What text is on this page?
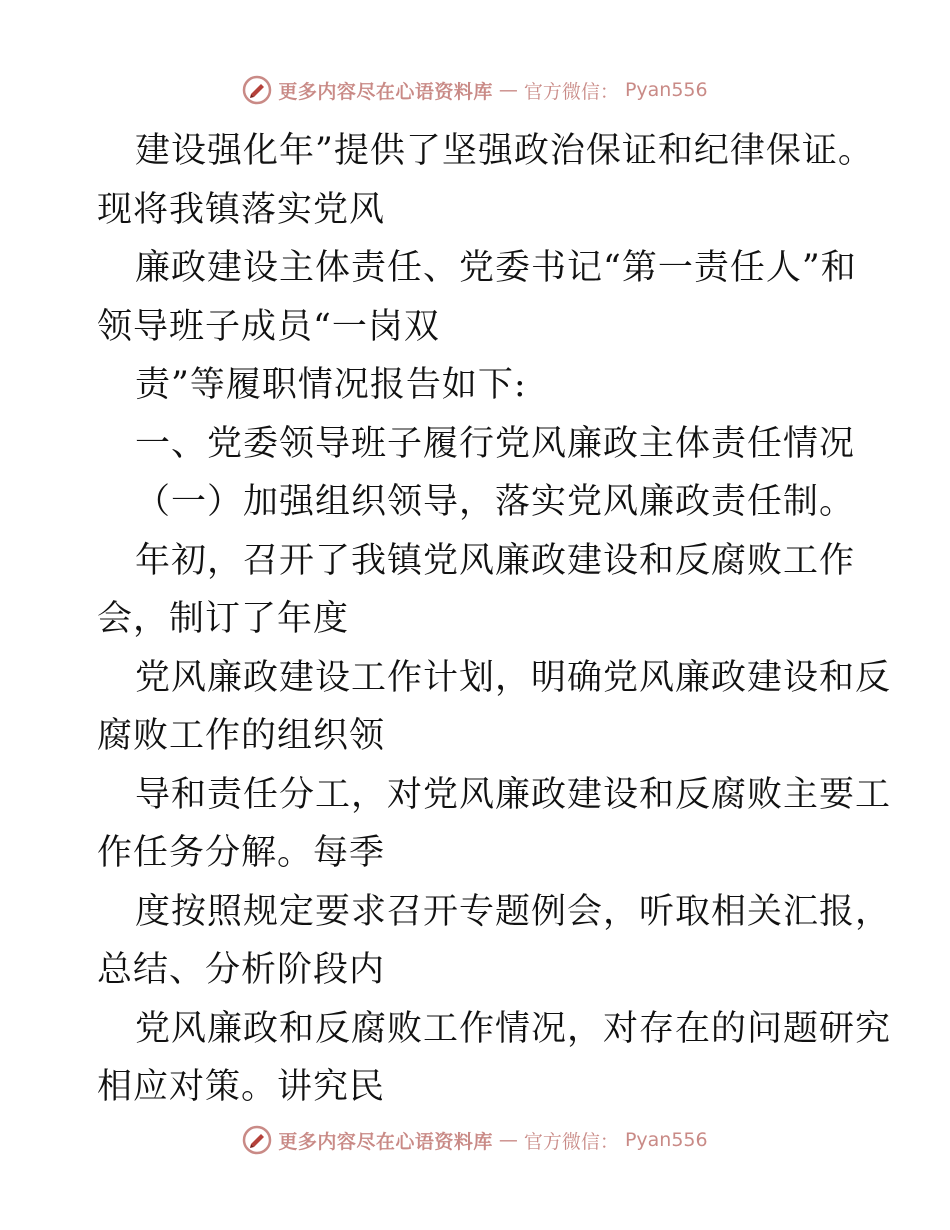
更多内容尽在心语资料库 — 官方微信： Pyan556
建设强化年”提供了坚强政治保证和纪律保证。
现将我镇落实党风
廉政建设主体责任、党委书记“第一责任人”和
领导班子成员“一岗双
责”等履职情况报告如下:
一、党委领导班子履行党风廉政主体责任情况
（一）加强组织领导，落实党风廉政责任制。
年初，召开了我镇党风廉政建设和反腐败工作
会，制订了年度
党风廉政建设工作计划，明确党风廉政建设和反
腐败工作的组织领
导和责任分工，对党风廉政建设和反腐败主要工
作任务分解。每季
度按照规定要求召开专题例会，听取相关汇报，
总结、分析阶段内
党风廉政和反腐败工作情况，对存在的问题研究
相应对策。讲究民
更多内容尽在心语资料库 — 官方微信： Pyan556
